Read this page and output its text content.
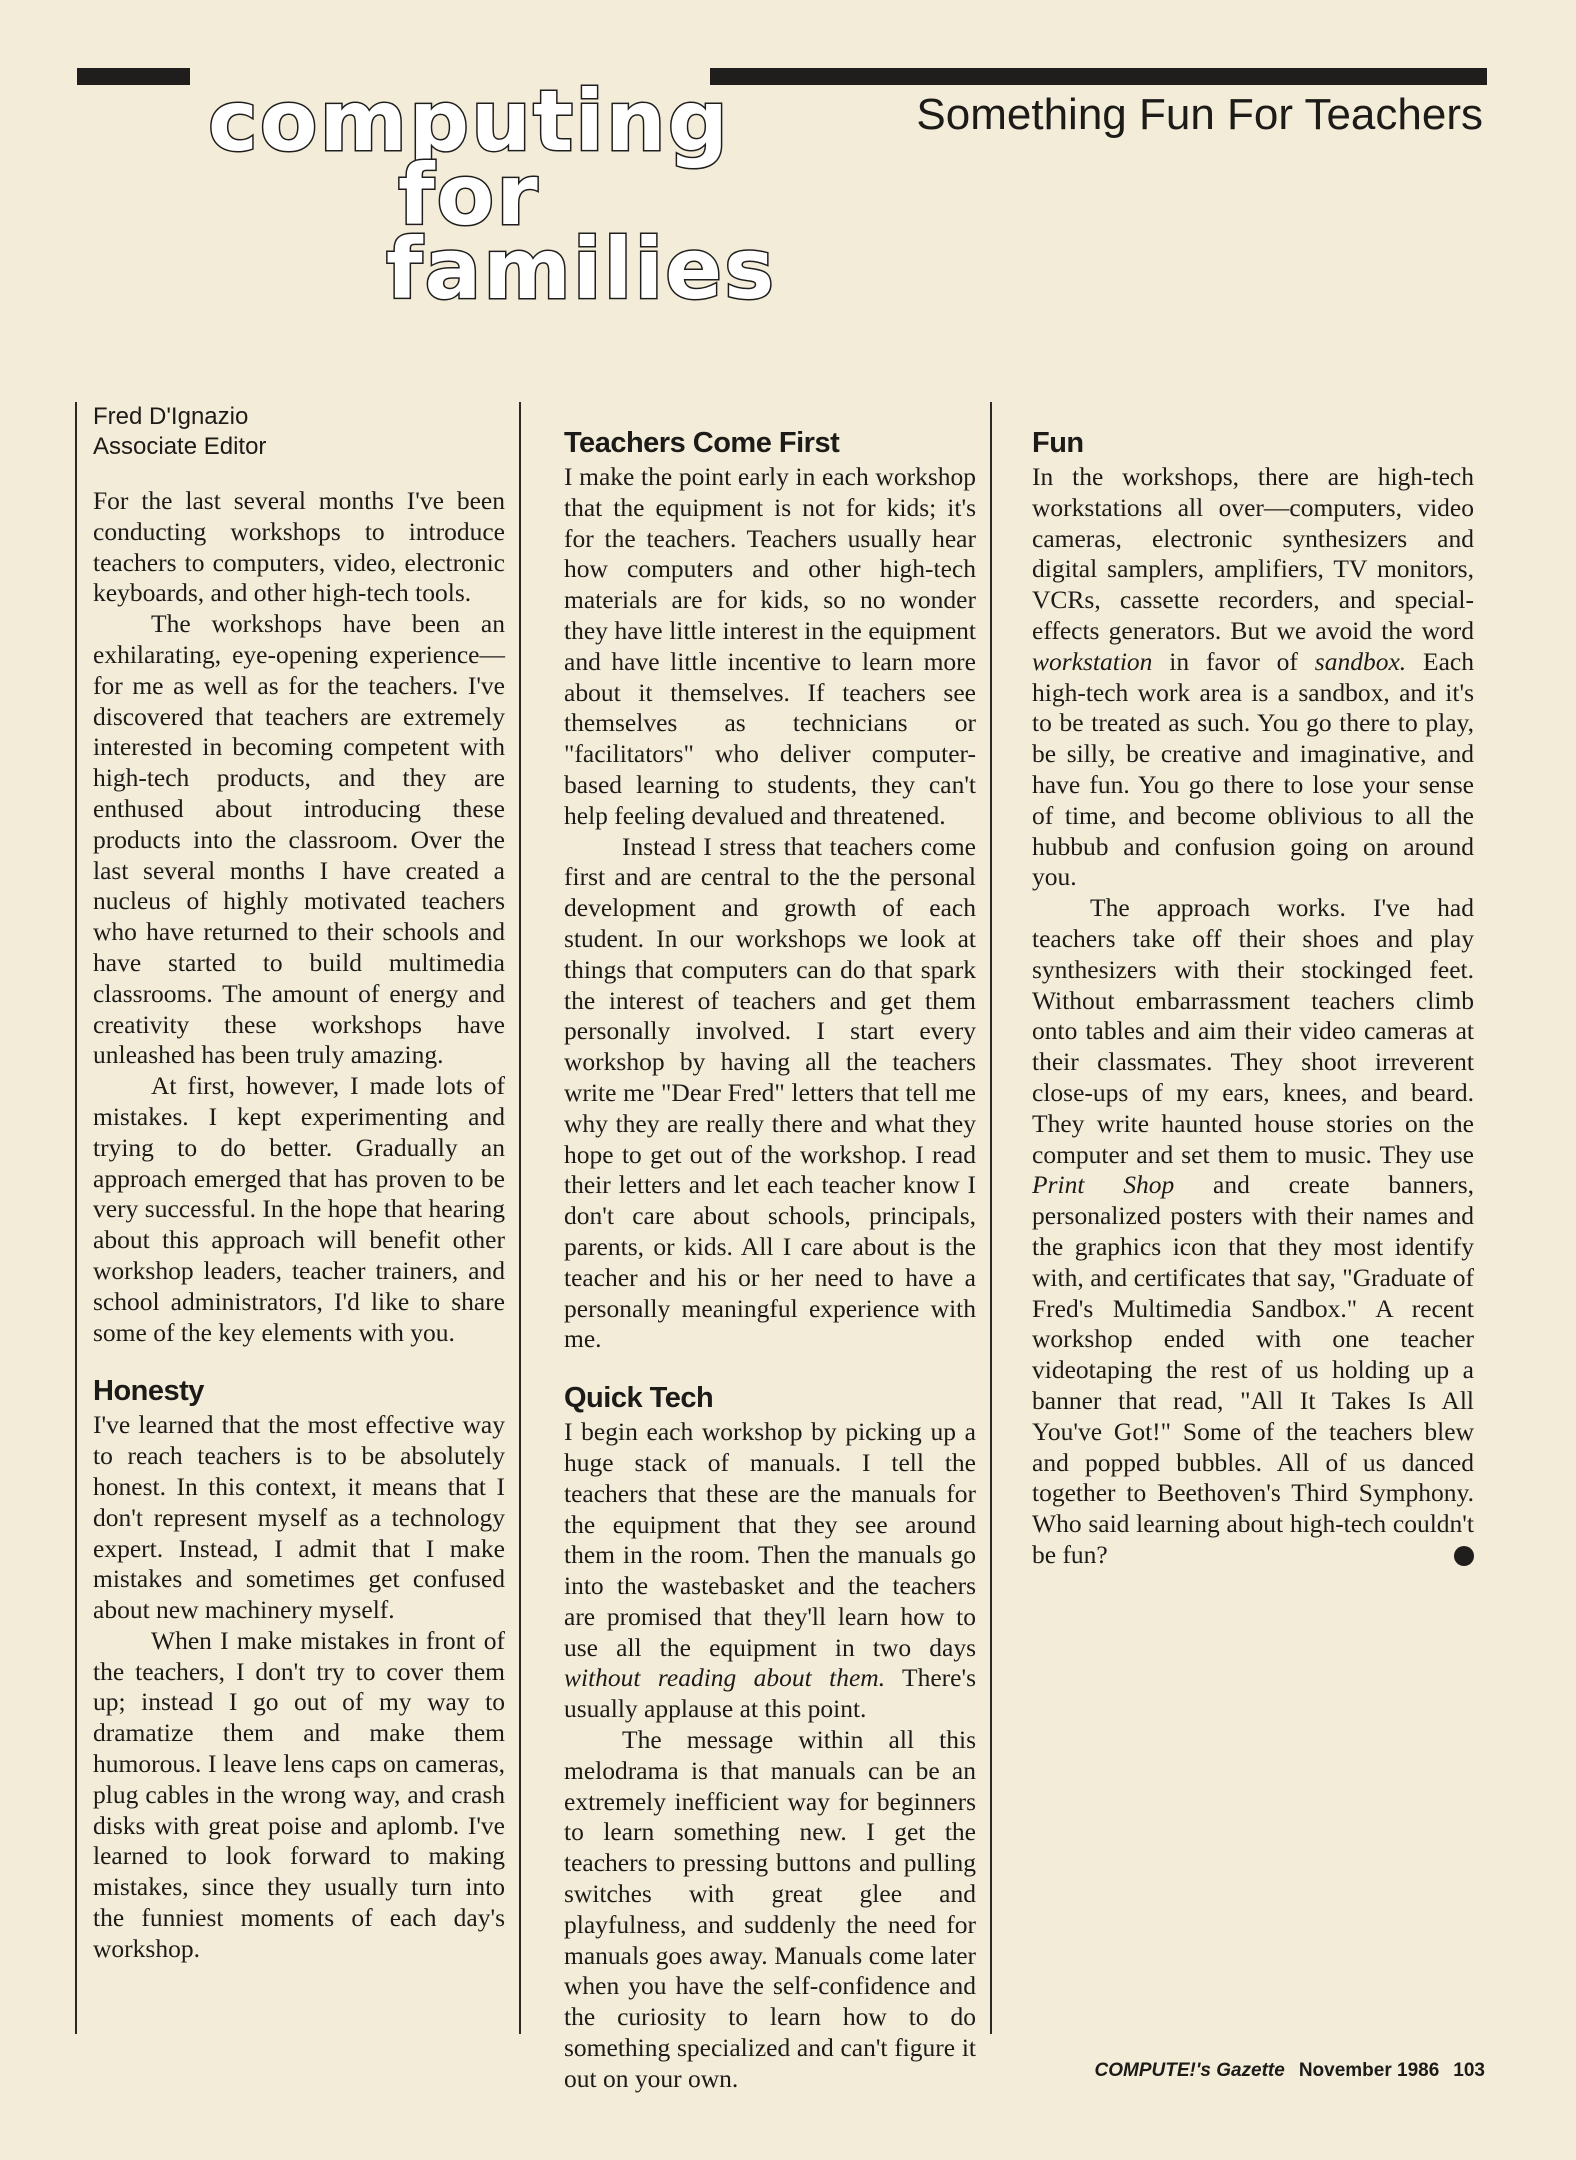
computing
for
families
Something Fun For Teachers
Fred D'Ignazio
Associate Editor

For the last several months I've been conducting workshops to introduce teachers to computers, video, electronic keyboards, and other high-tech tools.

The workshops have been an exhilarating, eye-opening experience—for me as well as for the teachers. I've discovered that teachers are extremely interested in becoming competent with high-tech products, and they are enthused about introducing these products into the classroom. Over the last several months I have created a nucleus of highly motivated teachers who have returned to their schools and have started to build multimedia classrooms. The amount of energy and creativity these workshops have unleashed has been truly amazing.

At first, however, I made lots of mistakes. I kept experimenting and trying to do better. Gradually an approach emerged that has proven to be very successful. In the hope that hearing about this approach will benefit other workshop leaders, teacher trainers, and school administrators, I'd like to share some of the key elements with you.

Honesty

I've learned that the most effective way to reach teachers is to be absolutely honest. In this context, it means that I don't represent myself as a technology expert. Instead, I admit that I make mistakes and sometimes get confused about new machinery myself.

When I make mistakes in front of the teachers, I don't try to cover them up; instead I go out of my way to dramatize them and make them humorous. I leave lens caps on cameras, plug cables in the wrong way, and crash disks with great poise and aplomb. I've learned to look forward to making mistakes, since they usually turn into the funniest moments of each day's workshop.

Teachers Come First

I make the point early in each workshop that the equipment is not for kids; it's for the teachers. Teachers usually hear how computers and other high-tech materials are for kids, so no wonder they have little interest in the equipment and have little incentive to learn more about it themselves. If teachers see themselves as technicians or "facilitators" who deliver computer-based learning to students, they can't help feeling devalued and threatened.

Instead I stress that teachers come first and are central to the the personal development and growth of each student. In our workshops we look at things that computers can do that spark the interest of teachers and get them personally involved. I start every workshop by having all the teachers write me "Dear Fred" letters that tell me why they are really there and what they hope to get out of the workshop. I read their letters and let each teacher know I don't care about schools, principals, parents, or kids. All I care about is the teacher and his or her need to have a personally meaningful experience with me.

Quick Tech

I begin each workshop by picking up a huge stack of manuals. I tell the teachers that these are the manuals for the equipment that they see around them in the room. Then the manuals go into the wastebasket and the teachers are promised that they'll learn how to use all the equipment in two days without reading about them. There's usually applause at this point.

The message within all this melodrama is that manuals can be an extremely inefficient way for beginners to learn something new. I get the teachers to pressing buttons and pulling switches with great glee and playfulness, and suddenly the need for manuals goes away. Manuals come later when you have the self-confidence and the curiosity to learn how to do something specialized and can't figure it out on your own.

Fun

In the workshops, there are high-tech workstations all over—computers, video cameras, electronic synthesizers and digital samplers, amplifiers, TV monitors, VCRs, cassette recorders, and special-effects generators. But we avoid the word workstation in favor of sandbox. Each high-tech work area is a sandbox, and it's to be treated as such. You go there to play, be silly, be creative and imaginative, and have fun. You go there to lose your sense of time, and become oblivious to all the hubbub and confusion going on around you.

The approach works. I've had teachers take off their shoes and play synthesizers with their stockinged feet. Without embarrassment teachers climb onto tables and aim their video cameras at their classmates. They shoot irreverent close-ups of my ears, knees, and beard. They write haunted house stories on the computer and set them to music. They use Print Shop and create banners, personalized posters with their names and the graphics icon that they most identify with, and certificates that say, "Graduate of Fred's Multimedia Sandbox." A recent workshop ended with one teacher videotaping the rest of us holding up a banner that read, "All It Takes Is All You've Got!" Some of the teachers blew and popped bubbles. All of us danced together to Beethoven's Third Symphony. Who said learning about high-tech couldn't be fun?

COMPUTE!'s Gazette November 1986 103
